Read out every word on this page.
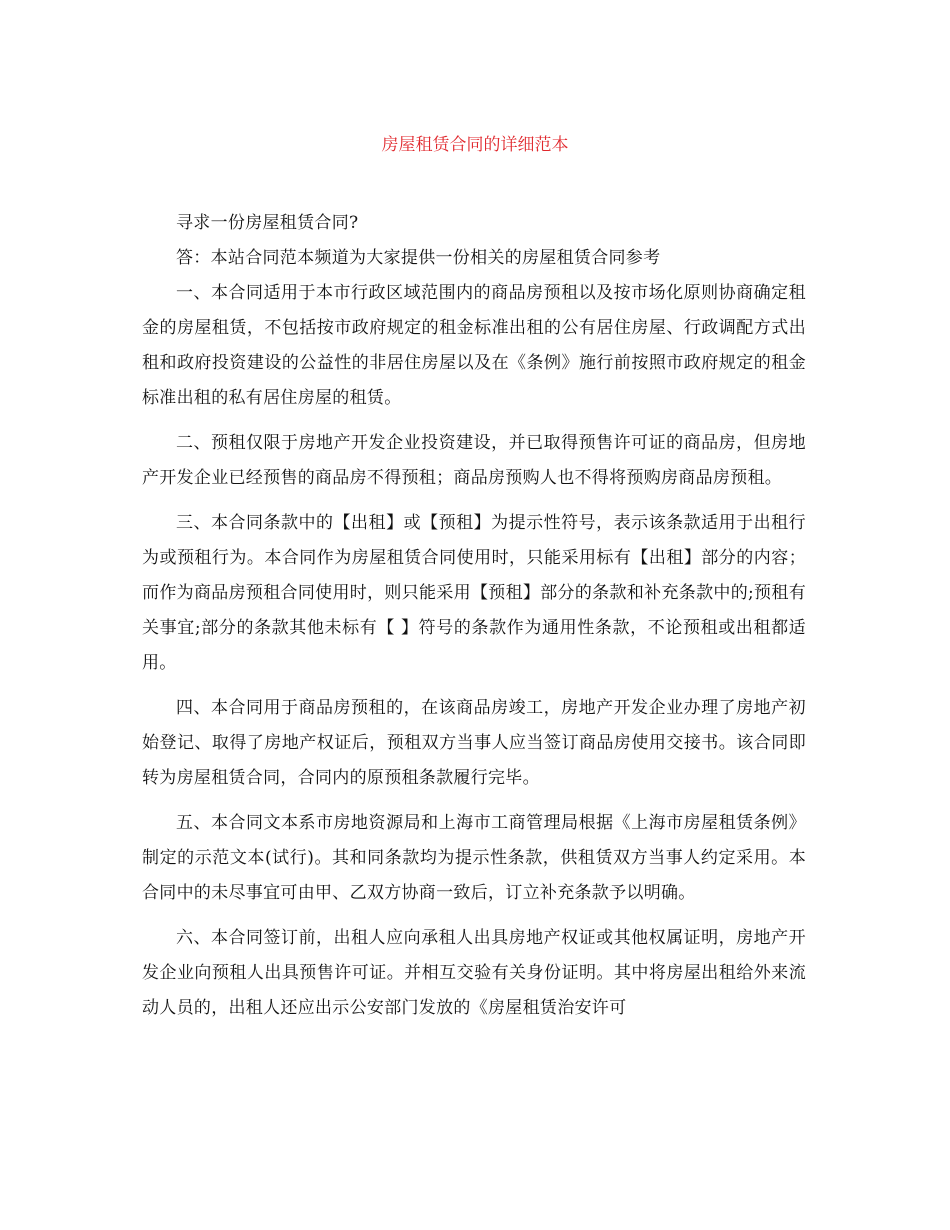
房屋租赁合同的详细范本

寻求一份房屋租赁合同?

答：本站合同范本频道为大家提供一份相关的房屋租赁合同参考

一、本合同适用于本市行政区域范围内的商品房预租以及按市场化原则协商确定租金的房屋租赁，不包括按市政府规定的租金标准出租的公有居住房屋、行政调配方式出租和政府投资建设的公益性的非居住房屋以及在《条例》施行前按照市政府规定的租金标准出租的私有居住房屋的租赁。

二、预租仅限于房地产开发企业投资建设，并已取得预售许可证的商品房，但房地产开发企业已经预售的商品房不得预租；商品房预购人也不得将预购房商品房预租。

三、本合同条款中的【出租】或【预租】为提示性符号，表示该条款适用于出租行为或预租行为。本合同作为房屋租赁合同使用时，只能采用标有【出租】部分的内容；而作为商品房预租合同使用时，则只能采用【预租】部分的条款和补充条款中的;预租有关事宜;部分的条款其他未标有【 】符号的条款作为通用性条款，不论预租或出租都适用。

四、本合同用于商品房预租的，在该商品房竣工，房地产开发企业办理了房地产初始登记、取得了房地产权证后，预租双方当事人应当签订商品房使用交接书。该合同即转为房屋租赁合同，合同内的原预租条款履行完毕。

五、本合同文本系市房地资源局和上海市工商管理局根据《上海市房屋租赁条例》制定的示范文本(试行)。其和同条款均为提示性条款，供租赁双方当事人约定采用。本合同中的未尽事宜可由甲、乙双方协商一致后，订立补充条款予以明确。

六、本合同签订前，出租人应向承租人出具房地产权证或其他权属证明，房地产开发企业向预租人出具预售许可证。并相互交验有关身份证明。其中将房屋出租给外来流动人员的，出租人还应出示公安部门发放的《房屋租赁治安许可
